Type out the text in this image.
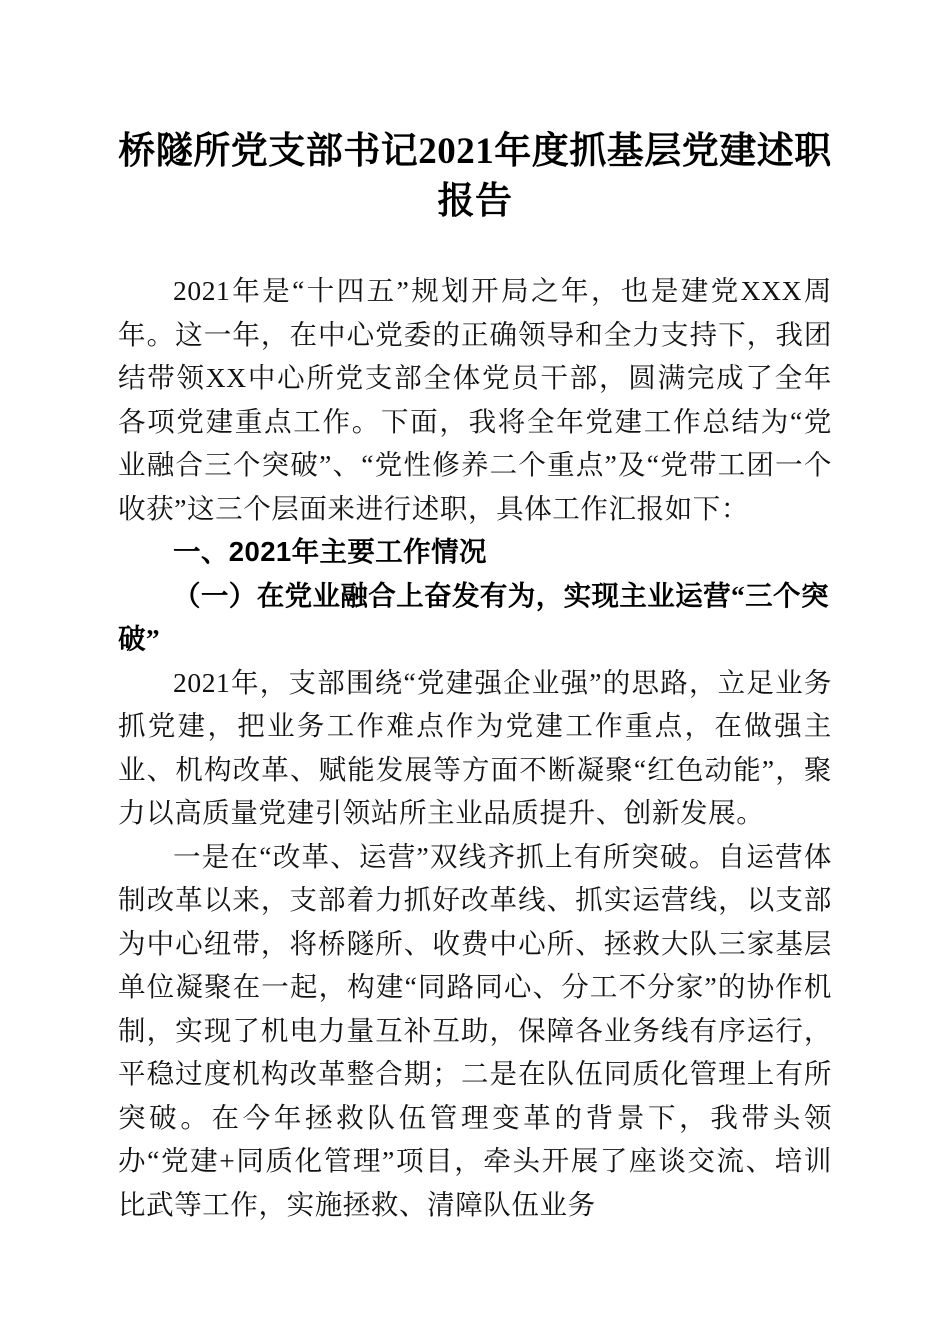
桥隧所党支部书记2021年度抓基层党建述职
报告

2021年是“十四五”规划开局之年，也是建党XXX周年。这一年，在中心党委的正确领导和全力支持下，我团结带领XX中心所党支部全体党员干部，圆满完成了全年各项党建重点工作。下面，我将全年党建工作总结为“党业融合三个突破”、“党性修养二个重点”及“党带工团一个收获”这三个层面来进行述职，具体工作汇报如下：

一、2021年主要工作情况

（一）在党业融合上奋发有为，实现主业运营“三个突破”

2021年，支部围绕“党建强企业强”的思路，立足业务抓党建，把业务工作难点作为党建工作重点，在做强主业、机构改革、赋能发展等方面不断凝聚“红色动能”，聚力以高质量党建引领站所主业品质提升、创新发展。

一是在“改革、运营”双线齐抓上有所突破。自运营体制改革以来，支部着力抓好改革线、抓实运营线，以支部为中心纽带，将桥隧所、收费中心所、拯救大队三家基层单位凝聚在一起，构建“同路同心、分工不分家”的协作机制，实现了机电力量互补互助，保障各业务线有序运行，平稳过度机构改革整合期；二是在队伍同质化管理上有所突破。在今年拯救队伍管理变革的背景下，我带头领办“党建+同质化管理”项目，牵头开展了座谈交流、培训比武等工作，实施拯救、清障队伍业务
